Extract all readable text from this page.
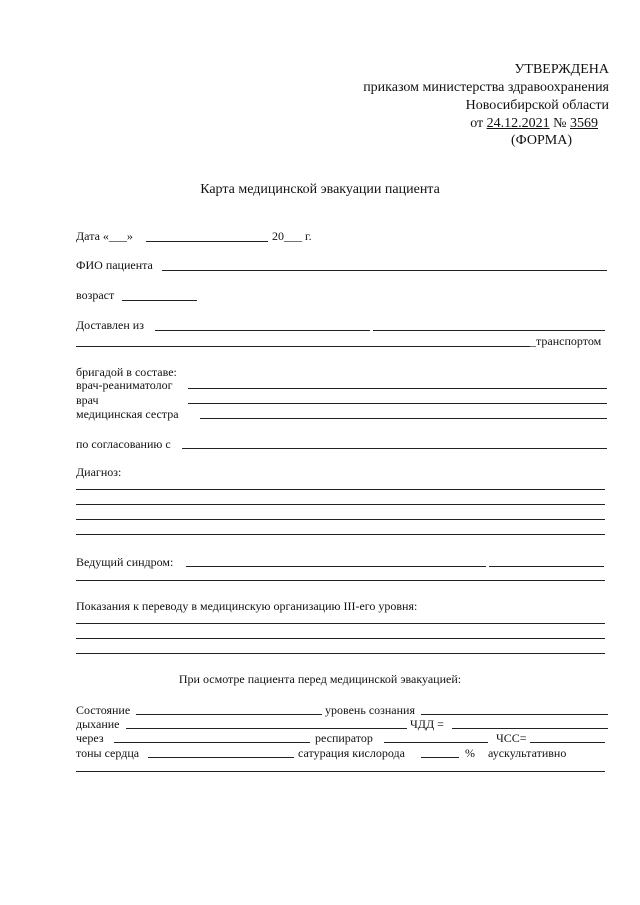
УТВЕРЖДЕНА
приказом министерства здравоохранения
Новосибирской области
от 24.12.2021 № 3569
(ФОРМА)
Карта медицинской эвакуации пациента
Дата «___»	20___ г.
ФИО пациента
возраст
Доставлен из
_транспортом
бригадой в составе:
врач-реаниматолог
врач
медицинская сестра
по согласованию с
Диагноз:
Ведущий синдром:
Показания к переводу в медицинскую организацию III-его уровня:
При осмотре пациента перед медицинской эвакуацией:
Состояние	уровень сознания
дыхание	ЧДД =
через	респиратор	ЧСС=
тоны сердца	сатурация кислорода	% аускультативно
